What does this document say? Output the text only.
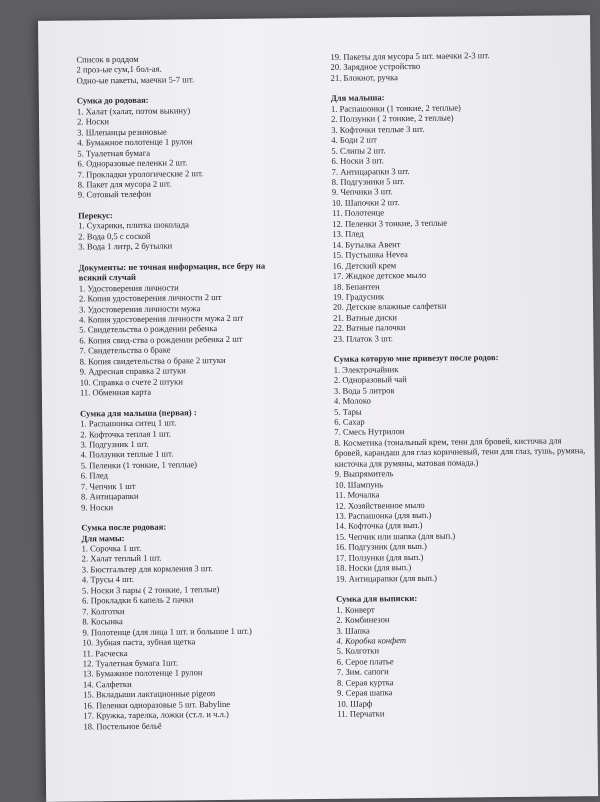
Список в роддом
2 проз-ые сум,1 бол-ая.
Одно-ые пакеты, маечки 5-7 шт.
Сумка до родовая:
1. Халат (халат, потом выкину)
2. Носки
3. Шлепанцы резиновые
4. Бумажное полотенце 1 рулон
5. Туалетная бумага
6. Одноразовые пеленки 2 шт.
7. Прокладки урологические 2 шт.
8. Пакет для мусора 2 шт.
9. Сотовый телефон
Перекус:
1. Сухарики, плитка шоколада
2. Вода 0,5 с соской
3. Вода 1 литр, 2 бутылки
Документы: не точная информация, все беру на
всякий случай
1. Удостоверения личности
2. Копия удостоверения личности 2 шт
3. Удостоверения личности мужа
4. Копия удостоверения личности мужа 2 шт
5. Свидетельства о рождении ребенка
6. Копия свид-ства о рождении ребенка 2 шт
7. Свидетельства о браке
8. Копия свидетельства о браке 2 штуки
9. Адресная справка 2 штуки
10. Справка о счете 2 штуки
11. Обменная карта
Сумка для малыша (первая) :
1. Распашонка ситец 1 шт.
2. Кофточка теплая 1 шт.
3. Подгузник 1 шт.
4. Ползунки теплые 1 шт.
5. Пеленки (1 тонкие, 1 теплые)
6. Плед
7. Чепчик 1 шт
8. Антицарапки
9. Носки
Сумка после родовая:
Для мамы:
1. Сорочка 1 шт.
2. Халат теплый 1 шт.
3. Бюстгальтер для кормления 3 шт.
4. Трусы 4 шт.
5. Носки 3 пары ( 2 тонкие, 1 теплые)
6. Прокладки 6 капель 2 пачки
7. Колготки
8. Косынка
9. Полотенце (для лица 1 шт. и большое 1 шт.)
10. Зубная паста, зубная щетка
11. Расческа
12. Туалетная бумага 1шт.
13. Бумажное полотенце 1 рулон
14. Салфетки
15. Вкладыши лактационные pigeon
16. Пеленки одноразовые 5 шт. Babyline
17. Кружка, тарелка, ложки (ст.л. и ч.л.)
18. Постельное бельё
19. Пакеты для мусора 5 шт. маечки 2-3 шт.
20. Зарядное устройство
21. Блокнот, ручка
Для малыша:
1. Распашонки (1 тонкие, 2 теплые)
2. Ползунки ( 2 тонкие, 2 теплые)
3. Кофточки теплые 3 шт.
4. Боди 2 шт
5. Слипы 2 шт.
6. Носки 3 шт.
7. Антицарапки 3 шт.
8. Подгузники 5 шт.
9. Чепчики 3 шт.
10. Шапочки 2 шт.
11. Полотенце
12. Пеленки 3 тонкие, 3 теплые
13. Плед
14. Бутылка Авент
15. Пустышка Hevea
16. Детский крем
17. Жидкое детское мыло
18. Бепантен
19. Градусник
20. Детские влажные салфетки
21. Ватные диски
22. Ватные палочки
23. Платок 3 шт.
Сумка которую мне привезут после родов:
1. Электрочайник
2. Одноразовый чай
3. Вода 5 литров
4. Молоко
5. Тары
6. Сахар
7. Смесь Нутрилон
8. Косметика (тональный крем, тени для бровей, кисточка для бровей, карандаш для глаз коричневый, тени для глаз, тушь, румяна, кисточка для румяны, матовая помада.)
9. Выпрямитель
10. Шампунь
11. Мочалка
12. Хозяйственное мыло
13. Распашонка (для вып.)
14. Кофточка (для вып.)
15. Чепчик или шапка (для вып.)
16. Подгузник (для вып.)
17. Ползунки (для вып.)
18. Носки (для вып.)
19. Антицарапки (для вып.)
Сумка для выписки:
1. Конверт
2. Комбинезон
3. Шапка
4. Коробка конфет
5. Колготки
6. Серое платье
7. Зим. сапоги
8. Серая куртка
9. Серая шапка
10. Шарф
11. Перчатки
